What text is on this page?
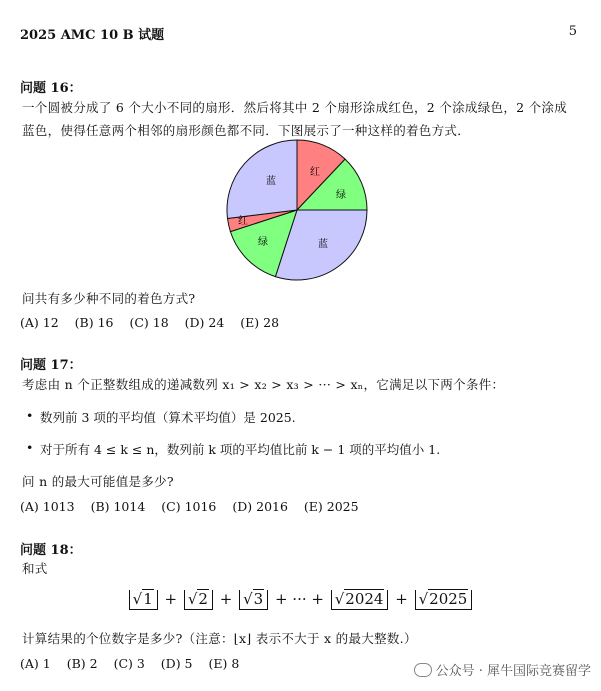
2025 AMC 10 B 试题	5
问题 16：
一个圆被分成了 6 个大小不同的扇形．然后将其中 2 个扇形涂成红色，2 个涂成绿色，2 个涂成
蓝色，使得任意两个相邻的扇形颜色都不同．下图展示了一种这样的着色方式．
红
绿
蓝
绿
红
蓝
问共有多少种不同的着色方式?
(A) 12 (B) 16 (C) 18 (D) 24 (E) 28
问题 17：
考虑由 n 个正整数组成的递减数列 x₁ > x₂ > x₃ > ··· > xₙ，它满足以下两个条件：
• 数列前 3 项的平均值（算术平均值）是 2025.
• 对于所有 4 ≤ k ≤ n，数列前 k 项的平均值比前 k − 1 项的平均值小 1.
问 n 的最大可能值是多少?
(A) 1013 (B) 1014 (C) 1016 (D) 2016 (E) 2025
问题 18：
和式
√1 + √2 + √3 + ··· + √2024 + √2025
计算结果的个位数字是多少?（注意：⌊x⌋ 表示不大于 x 的最大整数.）
(A) 1 (B) 2 (C) 3 (D) 5 (E) 8
公众号 · 犀牛国际竞赛留学
